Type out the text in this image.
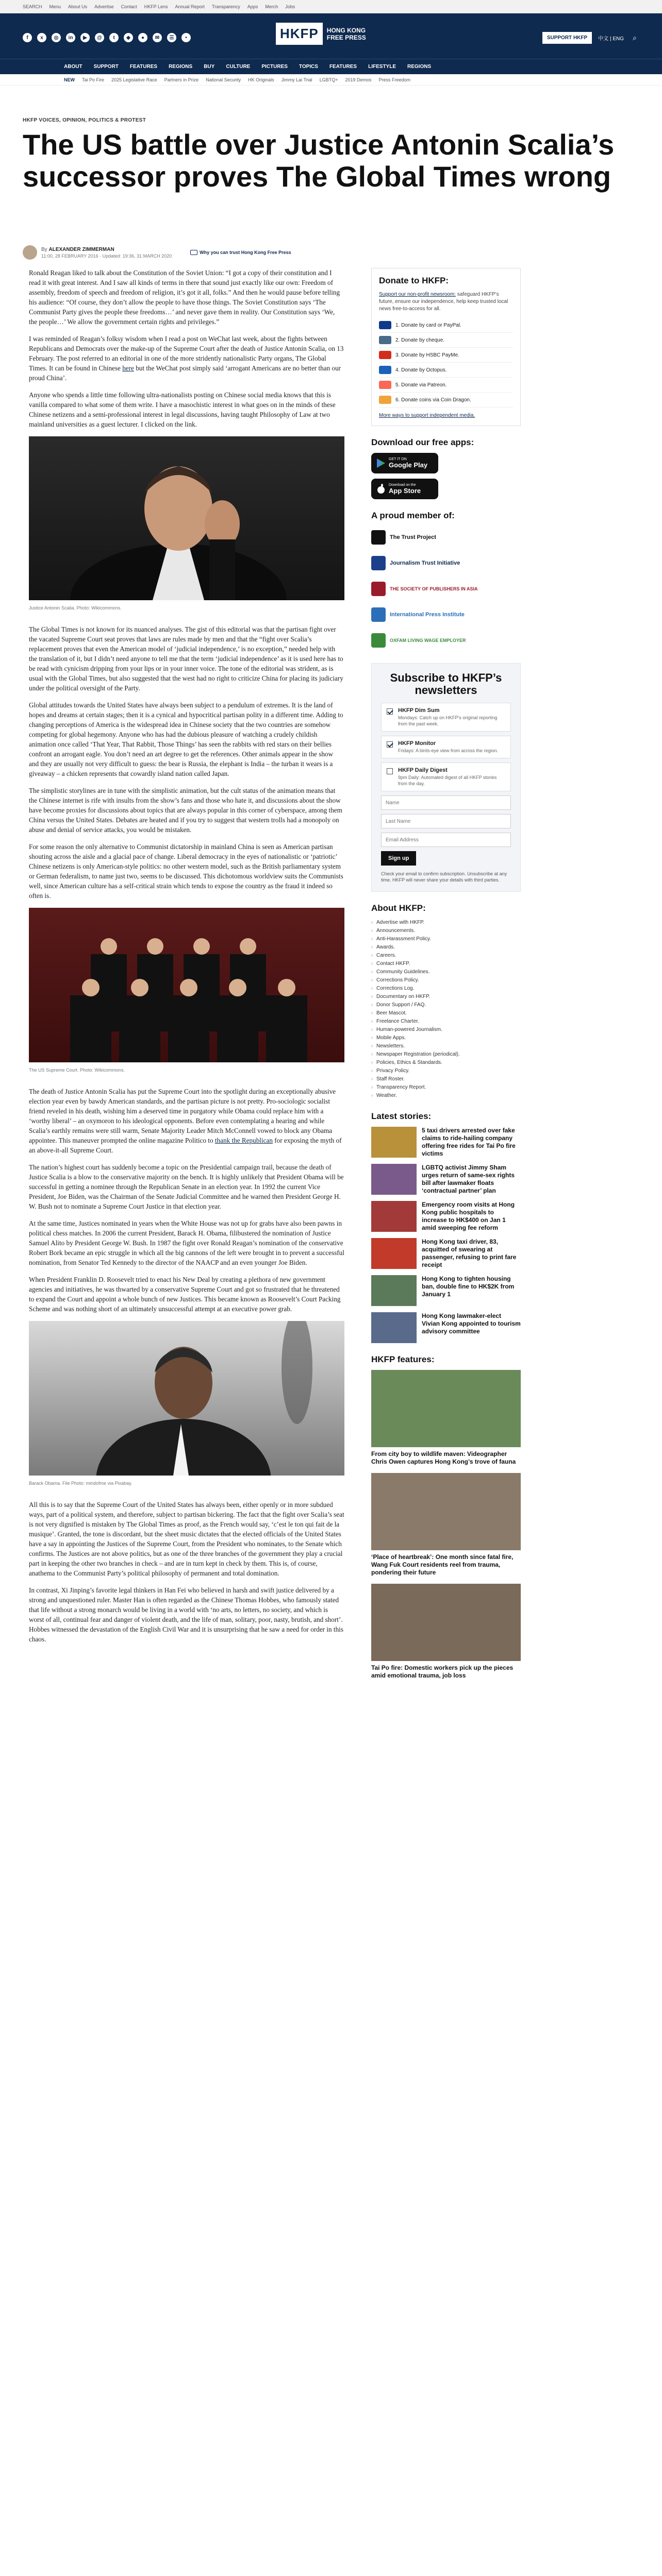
SEARCH Menu About Us Advertise Contact HKFP Lens Annual Report Transparency Apps Merch Jobs
f	x	◎	in	▶	@	t	◆	●	✉	☰	•	HKFP	HONG KONG
FREE PRESS	SUPPORT HKFP	中文 | ENG	⌕
ABOUT SUPPORT FEATURES REGIONS BUY CULTURE PICTURES TOPICS FEATURES LIFESTYLE REGIONS
NEW Tai Po Fire 2025 Legislative Race Partners in Prize National Security HK Originals Jimmy Lai Trial LGBTQ+ 2019 Demos Press Freedom
HKFP VOICES, OPINION, POLITICS & PROTEST
The US battle over Justice Antonin Scalia’s successor proves The Global Times wrong
By ALEXANDER ZIMMERMAN
11:00, 28 FEBRUARY 2016 · Updated: 19:36, 31 MARCH 2020
Why you can trust Hong Kong Free Press

Ronald Reagan liked to talk about the Constitution of the Soviet Union: “I got a copy of their constitution and I read it with great interest. And I saw all kinds of terms in there that sound just exactly like our own: Freedom of assembly, freedom of speech and freedom of religion, it’s got it all, folks.” And then he would pause before telling his audience: “Of course, they don’t allow the people to have those things. The Soviet Constitution says ‘The Communist Party gives the people these freedoms…’ and never gave them in reality. Our Constitution says ‘We, the people…’ We allow the government certain rights and privileges.”

I was reminded of Reagan’s folksy wisdom when I read a post on WeChat last week, about the fights between Republicans and Democrats over the make-up of the Supreme Court after the death of Justice Antonin Scalia, on 13 February. The post referred to an editorial in one of the more stridently nationalistic Party organs, The Global Times. It can be found in Chinese here but the WeChat post simply said ‘arrogant Americans are no better than our proud China’.

Anyone who spends a little time following ultra-nationalists posting on Chinese social media knows that this is vanilla compared to what some of them write. I have a masochistic interest in what goes on in the minds of these Chinese netizens and a semi-professional interest in legal discussions, having taught Philosophy of Law at two mainland universities as a guest lecturer. I clicked on the link.

Justice Antonin Scalia. Photo: Wikicommons.

The Global Times is not known for its nuanced analyses. The gist of this editorial was that the partisan fight over the vacated Supreme Court seat proves that laws are rules made by men and that the “fight over Scalia’s replacement proves that even the American model of ‘judicial independence,’ is no exception,” needed help with the translation of it, but I didn’t need anyone to tell me that the term ‘judicial independence’ as it is used here has to be read with cynicism dripping from your lips or in your inner voice. The tone of the editorial was strident, as is usual with the Global Times, but also suggested that the west had no right to criticize China for placing its judiciary under the political oversight of the Party.

Global attitudes towards the United States have always been subject to a pendulum of extremes. It is the land of hopes and dreams at certain stages; then it is a cynical and hypocritical partisan polity in a different time. Adding to changing perceptions of America is the widespread idea in Chinese society that the two countries are somehow competing for global hegemony. Anyone who has had the dubious pleasure of watching a crudely childish animation once called ‘That Year, That Rabbit, Those Things’ has seen the rabbits with red stars on their bellies confront an arrogant eagle. You don’t need an art degree to get the references. Other animals appear in the show and they are usually not very difficult to guess: the bear is Russia, the elephant is India – the turban it wears is a giveaway – a chicken represents that cowardly island nation called Japan.

The simplistic storylines are in tune with the simplistic animation, but the cult status of the animation means that the Chinese internet is rife with insults from the show’s fans and those who hate it, and discussions about the show have become proxies for discussions about topics that are always popular in this corner of cyberspace, among them China versus the United States. Debates are heated and if you try to suggest that western trolls had a monopoly on abuse and denial of service attacks, you would be mistaken.

For some reason the only alternative to Communist dictatorship in mainland China is seen as American partisan shouting across the aisle and a glacial pace of change. Liberal democracy in the eyes of nationalistic or ‘patriotic’ Chinese netizens is only American-style politics: no other western model, such as the British parliamentary system or German federalism, to name just two, seems to be discussed. This dichotomous worldview suits the Communists well, since American culture has a self-critical strain which tends to expose the country as the fraud it indeed so often is.

The US Supreme Court. Photo: Wikicommons.

The death of Justice Antonin Scalia has put the Supreme Court into the spotlight during an exceptionally abusive election year even by bawdy American standards, and the partisan picture is not pretty. Pro-sociologic socialist friend reveled in his death, wishing him a deserved time in purgatory while Obama could replace him with a ‘worthy liberal’ – an oxymoron to his ideological opponents. Before even contemplating a hearing and while Scalia’s earthly remains were still warm, Senate Majority Leader Mitch McConnell vowed to block any Obama appointee. This maneuver prompted the online magazine Politico to thank the Republican for exposing the myth of an above-it-all Supreme Court.

The nation’s highest court has suddenly become a topic on the Presidential campaign trail, because the death of Justice Scalia is a blow to the conservative majority on the bench. It is highly unlikely that President Obama will be successful in getting a nominee through the Republican Senate in an election year. In 1992 the current Vice President, Joe Biden, was the Chairman of the Senate Judicial Committee and he warned then President George H. W. Bush not to nominate a Supreme Court Justice in that election year.

At the same time, Justices nominated in years when the White House was not up for grabs have also been pawns in political chess matches. In 2006 the current President, Barack H. Obama, filibustered the nomination of Justice Samuel Alito by President George W. Bush. In 1987 the fight over Ronald Reagan’s nomination of the conservative Robert Bork became an epic struggle in which all the big cannons of the left were brought in to prevent a successful nomination, from Senator Ted Kennedy to the director of the NAACP and an even younger Joe Biden.

When President Franklin D. Roosevelt tried to enact his New Deal by creating a plethora of new government agencies and initiatives, he was thwarted by a conservative Supreme Court and got so frustrated that he threatened to expand the Court and appoint a whole bunch of new Justices. This became known as Roosevelt’s Court Packing Scheme and was nothing short of an ultimately unsuccessful attempt at an executive power grab.

Barack Obama. File Photo: mindofme via Pixabay.

All this is to say that the Supreme Court of the United States has always been, either openly or in more subdued ways, part of a political system, and therefore, subject to partisan bickering. The fact that the fight over Scalia’s seat is not very dignified is mistaken by The Global Times as proof, as the French would say, ‘c’est le ton qui fait de la musique’. Granted, the tone is discordant, but the sheet music dictates that the elected officials of the United States have a say in appointing the Justices of the Supreme Court, from the President who nominates, to the Senate which confirms. The Justices are not above politics, but as one of the three branches of the government they play a crucial part in keeping the other two branches in check – and are in turn kept in check by them. This is, of course, anathema to the Communist Party’s political philosophy of permanent and total domination.

In contrast, Xi Jinping’s favorite legal thinkers in Han Fei who believed in harsh and swift justice delivered by a strong and unquestioned ruler. Master Han is often regarded as the Chinese Thomas Hobbes, who famously stated that life without a strong monarch would be living in a world with ‘no arts, no letters, no society, and which is worst of all, continual fear and danger of violent death, and the life of man, solitary, poor, nasty, brutish, and short’. Hobbes witnessed the devastation of the English Civil War and it is unsurprising that he saw a need for order in this chaos.

Donate to HKFP:
Support our non-profit newsroom: safeguard HKFP’s future, ensure our independence, help keep trusted local news free-to-access for all.
1. Donate by card or PayPal.
2. Donate by cheque.
3. Donate by HSBC PayMe.
4. Donate by Octopus.
5. Donate via Patreon.
6. Donate coins via Coin Dragon.
More ways to support independent media.
Download our free apps:
GET IT ON
Google Play
Download on the
App Store
A proud member of:
The Trust Project
Journalism Trust Initiative
THE SOCIETY OF PUBLISHERS IN ASIA
International Press Institute
OXFAM LIVING WAGE EMPLOYER
Subscribe to HKFP’s newsletters
HKFP Dim Sum
Mondays: Catch up on HKFP’s original reporting from the past week.
HKFP Monitor
Fridays: A birds-eye view from across the region.
HKFP Daily Digest
9pm Daily: Automated digest of all HKFP stories from the day.
Name Last Name Email Address Sign up
Check your email to confirm subscription. Unsubscribe at any time. HKFP will never share your details with third parties.
About HKFP:
› Advertise with HKFP.
› Announcements.
› Anti-Harassment Policy.
› Awards.
› Careers.
› Contact HKFP.
› Community Guidelines.
› Corrections Policy.
› Corrections Log.
› Documentary on HKFP.
› Donor Support / FAQ.
› Beer Mascot.
› Freelance Charter.
› Human-powered Journalism.
› Mobile Apps.
› Newsletters.
› Newspaper Registration (periodical).
› Policies, Ethics & Standards.
› Privacy Policy.
› Staff Roster.
› Transparency Report.
› Weather.
Latest stories:
5 taxi drivers arrested over fake claims to ride-hailing company offering free rides for Tai Po fire victims
LGBTQ activist Jimmy Sham urges return of same-sex rights bill after lawmaker floats ‘contractual partner’ plan
Emergency room visits at Hong Kong public hospitals to increase to HK$400 on Jan 1 amid sweeping fee reform
Hong Kong taxi driver, 83, acquitted of swearing at passenger, refusing to print fare receipt
Hong Kong to tighten housing ban, double fine to HK$2K from January 1
Hong Kong lawmaker-elect Vivian Kong appointed to tourism advisory committee
HKFP features:
From city boy to wildlife maven: Videographer Chris Owen captures Hong Kong’s trove of fauna
‘Place of heartbreak’: One month since fatal fire, Wang Fuk Court residents reel from trauma, pondering their future
Tai Po fire: Domestic workers pick up the pieces amid emotional trauma, job loss
